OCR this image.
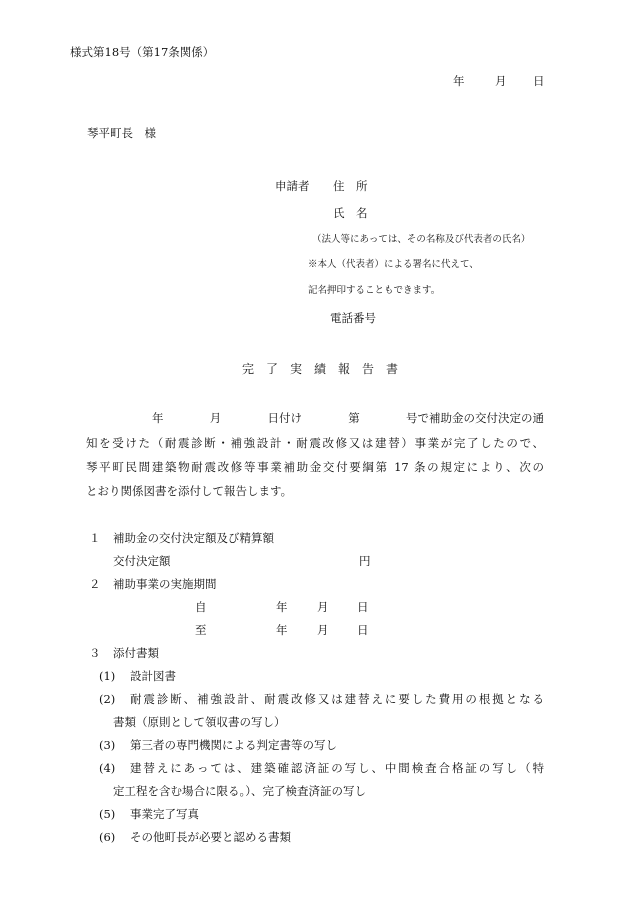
様式第18号（第17条関係）
年	月 日
琴平町長　様
申請者 住　所
氏　名
（法人等にあっては、その名称及び代表者の氏名）
※本人（代表者）による署名に代えて、
記名押印することもできます。
電話番号
完　了　実　績　報　告　書
年	月	日付け	第	号で補助金の交付決定の通
知を受けた（耐震診断・補強設計・耐震改修又は建替）事業が完了したので、
琴平町民間建築物耐震改修等事業補助金交付要綱第 17 条の規定により、次の
とおり関係図書を添付して報告します。
１ 補助金の交付決定額及び精算額
交付決定額	円
２ 補助事業の実施期間
自	年	月 日
至	年	月 日
３ 添付書類
(1) 設計図書
(2) 耐震診断、補強設計、耐震改修又は建替えに要した費用の根拠となる
書類（原則として領収書の写し）
(3) 第三者の専門機関による判定書等の写し
(4) 建替えにあっては、建築確認済証の写し、中間検査合格証の写し（特
定工程を含む場合に限る。）、完了検査済証の写し
(5) 事業完了写真
(6) その他町長が必要と認める書類
